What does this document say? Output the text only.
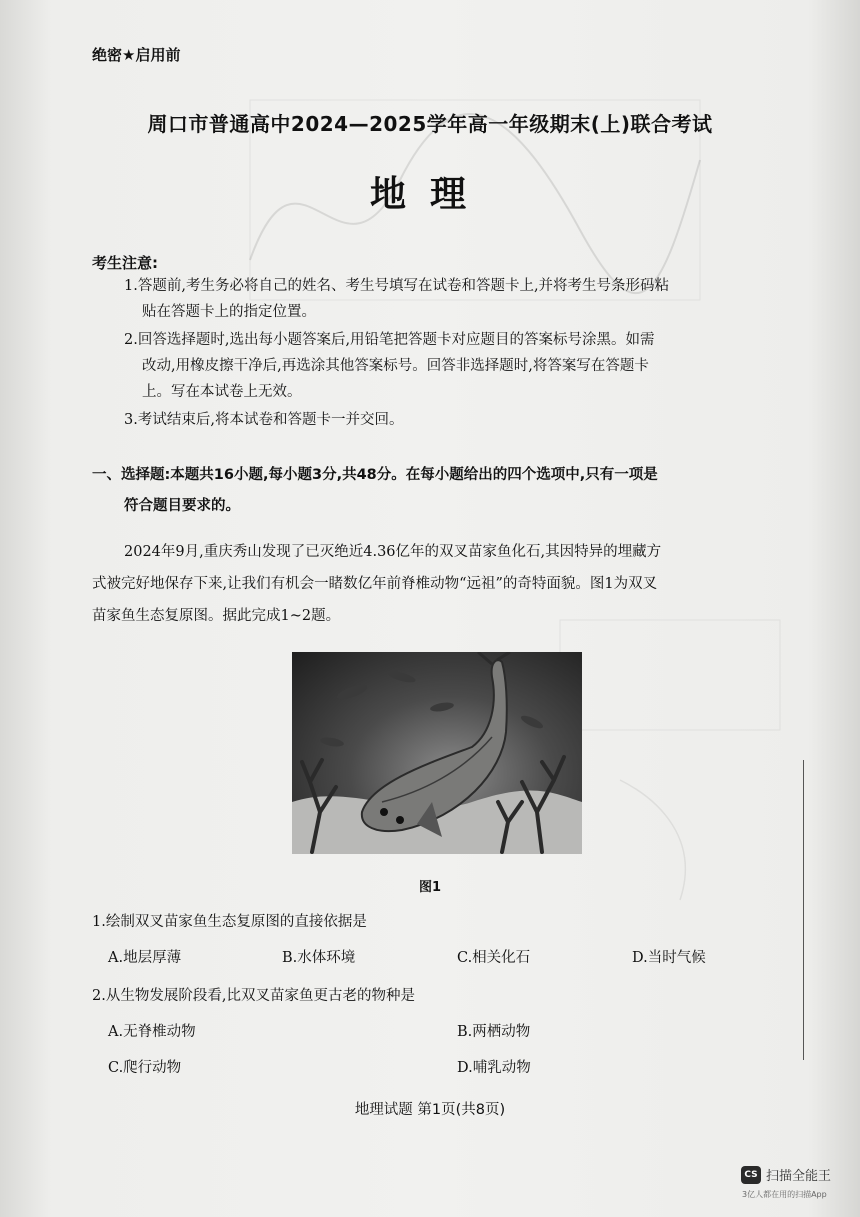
绝密★启用前
周口市普通高中2024—2025学年高一年级期末(上)联合考试
地理
考生注意:
1.答题前,考生务必将自己的姓名、考生号填写在试卷和答题卡上,并将考生号条形码粘
贴在答题卡上的指定位置。
2.回答选择题时,选出每小题答案后,用铅笔把答题卡对应题目的答案标号涂黑。如需
改动,用橡皮擦干净后,再选涂其他答案标号。回答非选择题时,将答案写在答题卡
上。写在本试卷上无效。
3.考试结束后,将本试卷和答题卡一并交回。
一、选择题:本题共16小题,每小题3分,共48分。在每小题给出的四个选项中,只有一项是
符合题目要求的。
2024年9月,重庆秀山发现了已灭绝近4.36亿年的双叉苗家鱼化石,其因特异的埋藏方
式被完好地保存下来,让我们有机会一睹数亿年前脊椎动物“远祖”的奇特面貌。图1为双叉
苗家鱼生态复原图。据此完成1~2题。
图1
1.绘制双叉苗家鱼生态复原图的直接依据是
A.地层厚薄	B.水体环境	C.相关化石	D.当时气候
2.从生物发展阶段看,比双叉苗家鱼更古老的物种是
A.无脊椎动物	B.两栖动物
C.爬行动物	D.哺乳动物
地理试题 第1页(共8页)
CS 扫描全能王
3亿人都在用的扫描App
